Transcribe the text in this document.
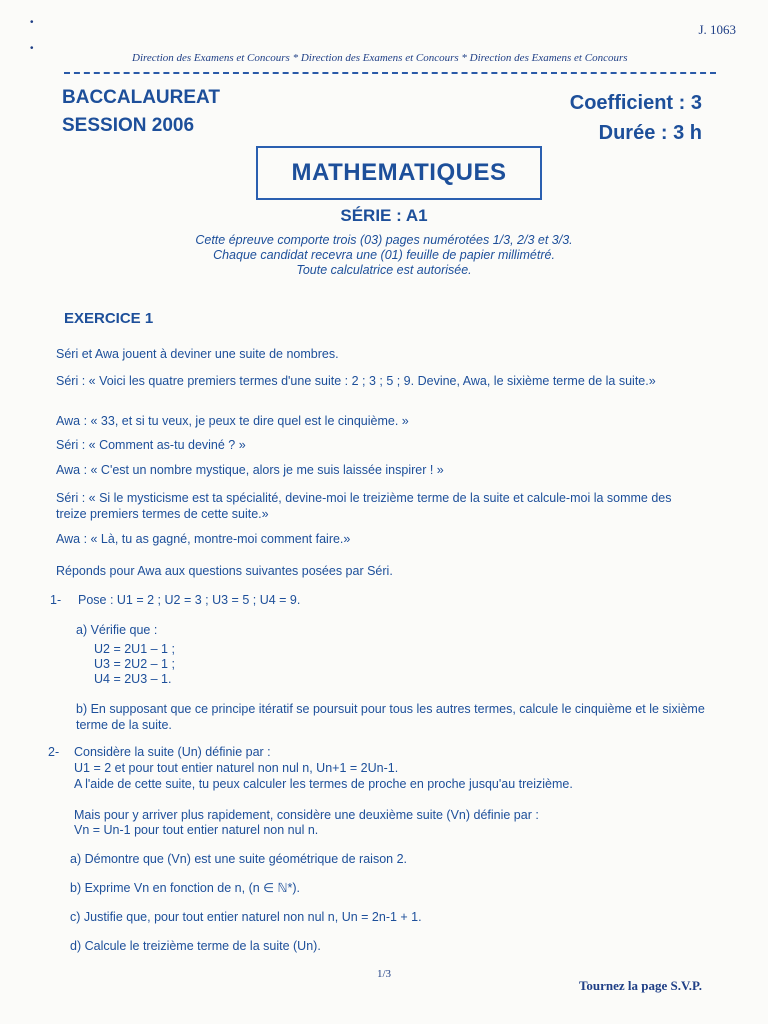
•
•
J. 1063
Direction des Examens et Concours * Direction des Examens et Concours * Direction des Examens et Concours
BACCALAUREAT
SESSION 2006
Coefficient : 3
Durée : 3 h
MATHEMATIQUES
SÉRIE : A1
Cette épreuve comporte trois (03) pages numérotées 1/3, 2/3 et 3/3.
Chaque candidat recevra une (01) feuille de papier millimétré.
Toute calculatrice est autorisée.
EXERCICE 1
Séri et Awa jouent à deviner une suite de nombres.
Séri : « Voici les quatre premiers termes d'une suite : 2 ; 3 ; 5 ; 9. Devine, Awa, le sixième terme de la suite.»
Awa : « 33, et si tu veux, je peux te dire quel est le cinquième. »
Séri : « Comment as-tu deviné ? »
Awa : « C'est un nombre mystique, alors je me suis laissée inspirer ! »
Séri : « Si le mysticisme est ta spécialité, devine-moi le treizième terme de la suite et calcule-moi la somme des treize premiers termes de cette suite.»
Awa : « Là, tu as gagné, montre-moi comment faire.»
Réponds pour Awa aux questions suivantes posées par Séri.
1- Pose : U1 = 2 ; U2 = 3 ; U3 = 5 ; U4 = 9.
a) Vérifie que :
U2 = 2U1 – 1 ;
U3 = 2U2 – 1 ;
U4 = 2U3 – 1.
b) En supposant que ce principe itératif se poursuit pour tous les autres termes, calcule le cinquième et le sixième terme de la suite.
2- Considère la suite (Un) définie par :
U1 = 2 et pour tout entier naturel non nul n, Un+1 = 2Un-1.
A l'aide de cette suite, tu peux calculer les termes de proche en proche jusqu'au treizième.
Mais pour y arriver plus rapidement, considère une deuxième suite (Vn) définie par :
Vn = Un-1 pour tout entier naturel non nul n.
a) Démontre que (Vn) est une suite géométrique de raison 2.
b) Exprime Vn en fonction de n, (n ∈ ℕ*).
c) Justifie que, pour tout entier naturel non nul n, Un = 2n-1 + 1.
d) Calcule le treizième terme de la suite (Un).
1/3
Tournez la page S.V.P.
